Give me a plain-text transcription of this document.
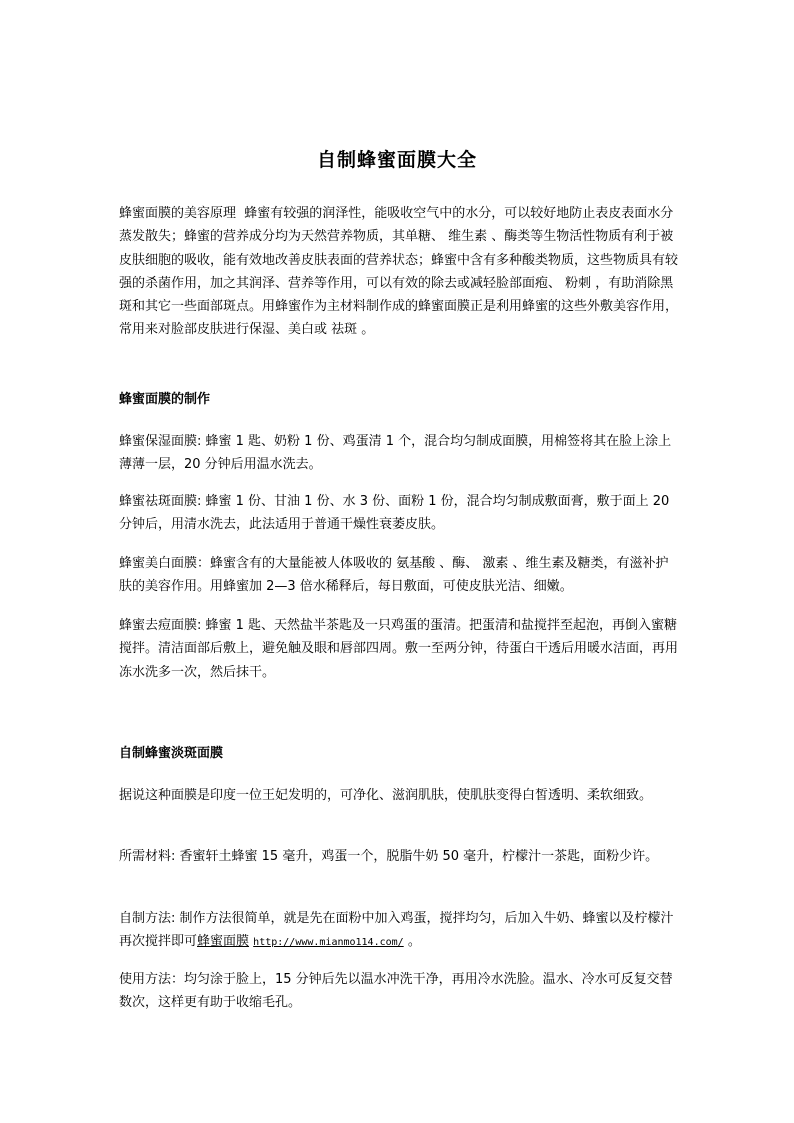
自制蜂蜜面膜大全
蜂蜜面膜的美容原理  蜂蜜有较强的润泽性，能吸收空气中的水分，可以较好地防止表皮表面水分蒸发散失；蜂蜜的营养成分均为天然营养物质，其单糖、 维生素 、酶类等生物活性物质有利于被皮肤细胞的吸收，能有效地改善皮肤表面的营养状态；蜂蜜中含有多种酸类物质，这些物质具有较强的杀菌作用，加之其润泽、营养等作用，可以有效的除去或减轻脸部面疱、 粉刺 ，有助消除黑斑和其它一些面部斑点。用蜂蜜作为主材料制作成的蜂蜜面膜正是利用蜂蜜的这些外敷美容作用，常用来对脸部皮肤进行保湿、美白或 祛斑 。
蜂蜜面膜的制作
蜂蜜保湿面膜: 蜂蜜 1 匙、奶粉 1 份、鸡蛋清 1 个，混合均匀制成面膜，用棉签将其在脸上涂上薄薄一层，20 分钟后用温水洗去。
蜂蜜祛斑面膜: 蜂蜜 1 份、甘油 1 份、水 3 份、面粉 1 份，混合均匀制成敷面膏，敷于面上 20 分钟后，用清水洗去，此法适用于普通干燥性衰萎皮肤。
蜂蜜美白面膜：蜂蜜含有的大量能被人体吸收的 氨基酸 、酶、 激素 、维生素及糖类，有滋补护肤的美容作用。用蜂蜜加 2—3 倍水稀释后，每日敷面，可使皮肤光洁、细嫩。
蜂蜜去痘面膜: 蜂蜜 1 匙、天然盐半茶匙及一只鸡蛋的蛋清。把蛋清和盐搅拌至起泡，再倒入蜜糖搅拌。清洁面部后敷上，避免触及眼和唇部四周。敷一至两分钟，待蛋白干透后用暖水洁面，再用冻水洗多一次，然后抹干。
自制蜂蜜淡斑面膜
据说这种面膜是印度一位王妃发明的，可净化、滋润肌肤，使肌肤变得白皙透明、柔软细致。
所需材料: 香蜜轩土蜂蜜 15 毫升，鸡蛋一个，脱脂牛奶 50 毫升，柠檬汁一茶匙，面粉少许。
自制方法: 制作方法很简单，就是先在面粉中加入鸡蛋，搅拌均匀，后加入牛奶、蜂蜜以及柠檬汁再次搅拌即可蜂蜜面膜 http://www.mianmo114.com/ 。
使用方法：均匀涂于脸上，15 分钟后先以温水冲洗干净，再用冷水洗脸。温水、冷水可反复交替数次，这样更有助于收缩毛孔。
